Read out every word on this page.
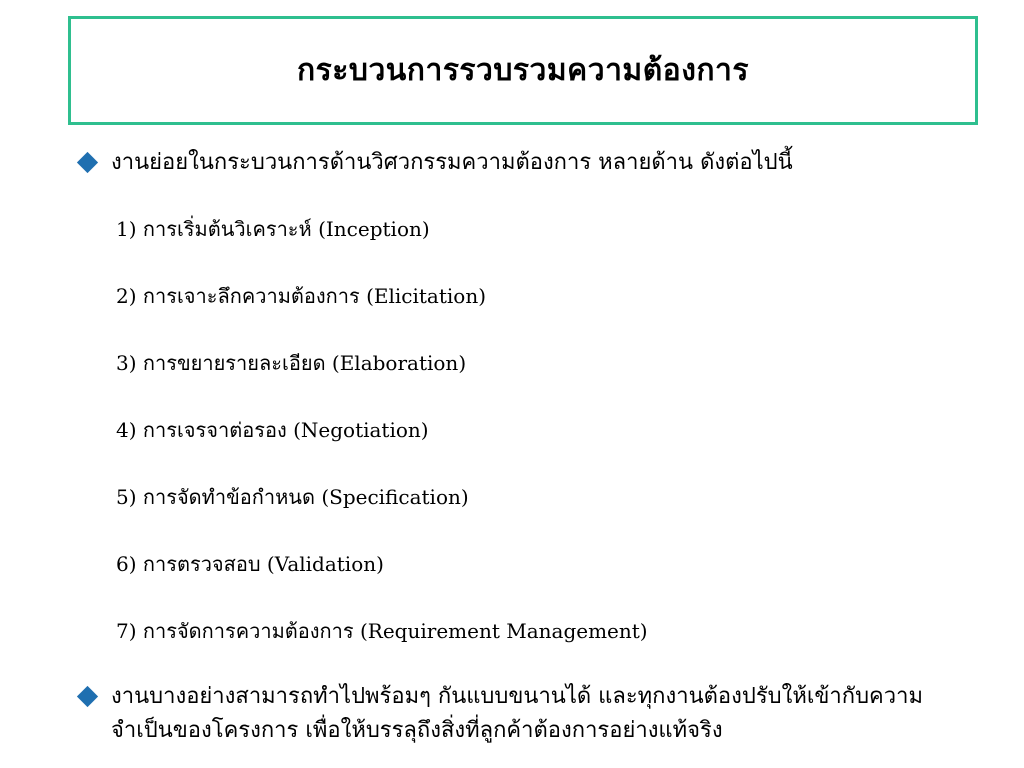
กระบวนการรวบรวมความต้องการ
งานย่อยในกระบวนการด้านวิศวกรรมความต้องการ หลายด้าน ดังต่อไปนี้
1) การเริ่มต้นวิเคราะห์ (Inception)
2) การเจาะลึกความต้องการ (Elicitation)
3) การขยายรายละเอียด (Elaboration)
4) การเจรจาต่อรอง (Negotiation)
5) การจัดทำข้อกำหนด (Specification)
6) การตรวจสอบ (Validation)
7) การจัดการความต้องการ (Requirement Management)
งานบางอย่างสามารถทำไปพร้อมๆ กันแบบขนานได้ และทุกงานต้องปรับให้เข้ากับความจำเป็นของโครงการ เพื่อให้บรรลุถึงสิ่งที่ลูกค้าต้องการอย่างแท้จริง
